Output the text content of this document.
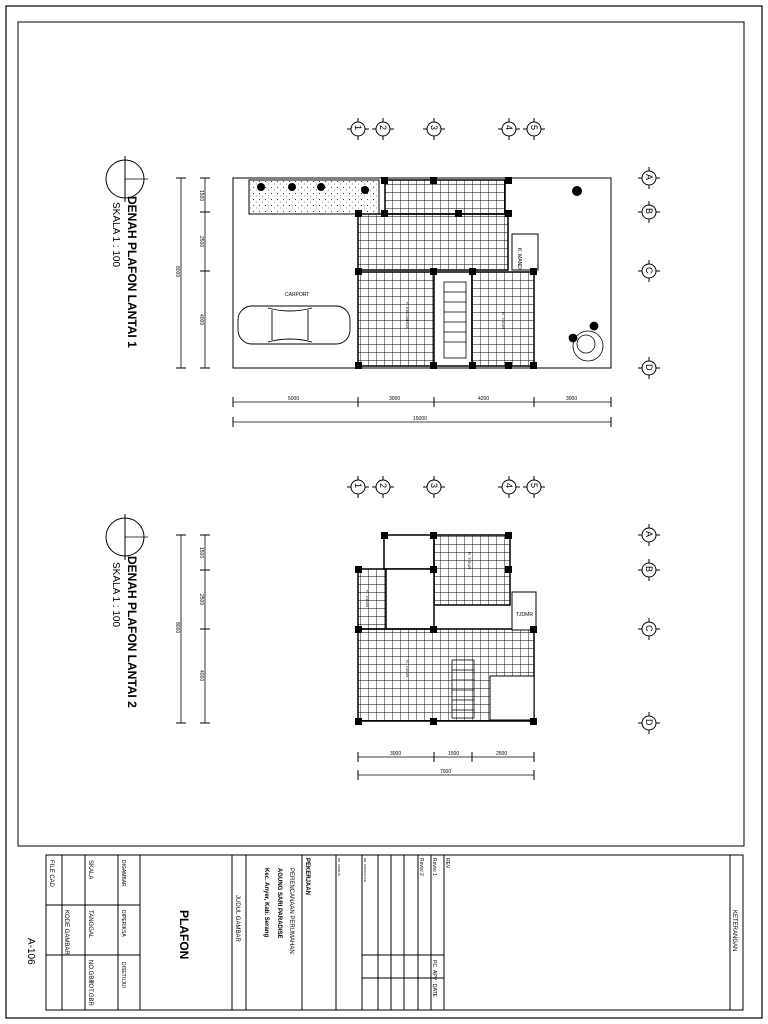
DENAH PLAFON LANTAI 1
SKALA 1 : 100
1 2	3	4 5
A
B
C
D
1500
2500
8000
4000
CARPORT
K. MANDI
R. KELUARGA	R. TIDUR
5000	3000	4200	3000
15000
DENAH PLAFON LANTAI 2
SKALA 1 : 100
1 2	3	4 5
A
B
C
D
1500
2500
8000
4000
TJDMR
R. TIDUR
R. TIDUR
R. TIDUR
3000	1500	2500
7000
FILE CAD	SKALA
TANGGAL
KODE GAMBAR
NO.GBR
TOT.GBR
A-106
DIGAMBAR
DIPERIKSA
DISETUJUI
PLAFON	JUDUL GAMBAR
PEKERJAAN
PERENCANAAN PERUMAHAN
AGUNG SARI PARADISE
Kec. Anyer, Kab. Serang
NN. PEMILIK	NN. KONSULTAN	REV
Revisi 1
Revisi 2
PC
APV
DATE
KETERANGAN
